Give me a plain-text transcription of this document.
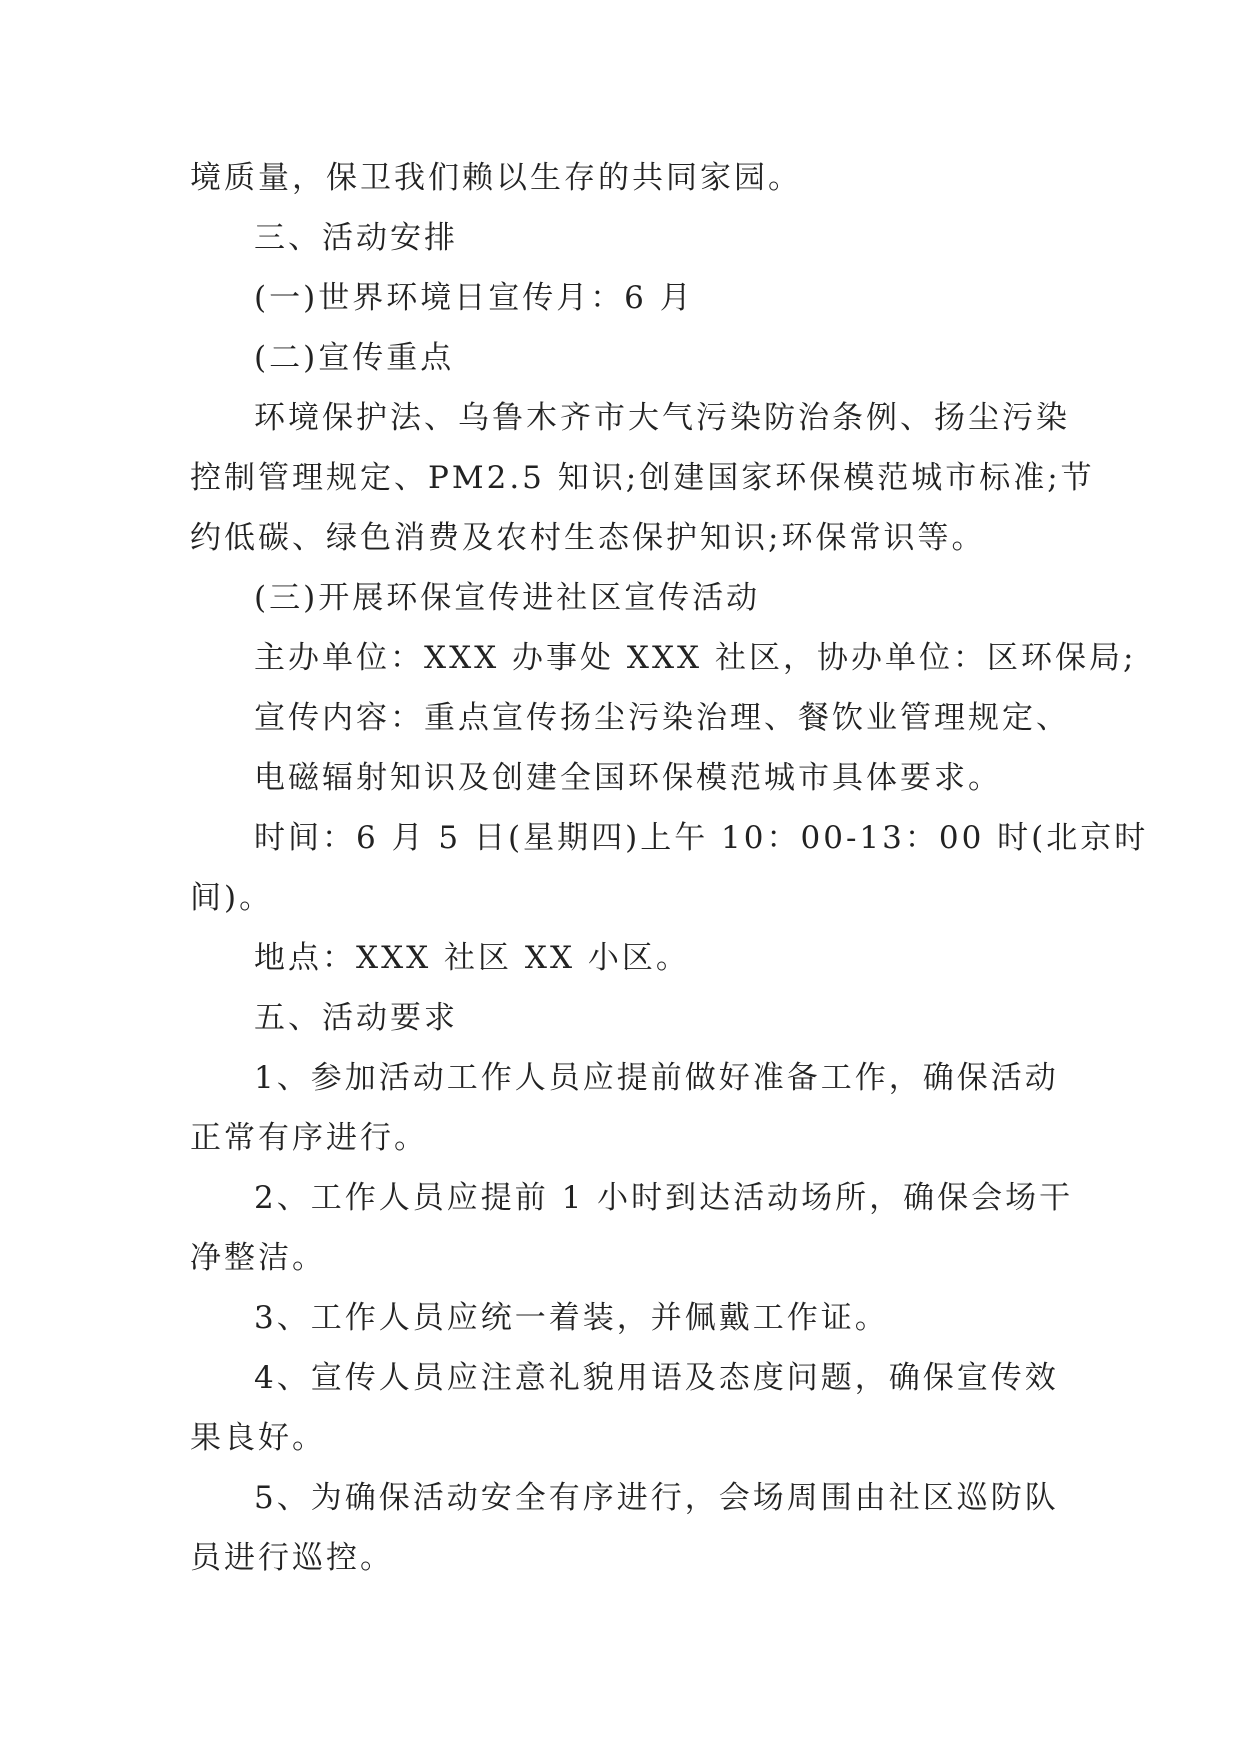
境质量，保卫我们赖以生存的共同家园。
三、活动安排
(一)世界环境日宣传月：6 月
(二)宣传重点
环境保护法、乌鲁木齐市大气污染防治条例、扬尘污染
控制管理规定、PM2.5 知识;创建国家环保模范城市标准;节
约低碳、绿色消费及农村生态保护知识;环保常识等。
(三)开展环保宣传进社区宣传活动
主办单位：XXX 办事处 XXX 社区，协办单位：区环保局;
宣传内容：重点宣传扬尘污染治理、餐饮业管理规定、
电磁辐射知识及创建全国环保模范城市具体要求。
时间：6 月 5 日(星期四)上午 10：00-13：00 时(北京时
间)。
地点：XXX 社区 XX 小区。
五、活动要求
1、参加活动工作人员应提前做好准备工作，确保活动
正常有序进行。
2、工作人员应提前 1 小时到达活动场所，确保会场干
净整洁。
3、工作人员应统一着装，并佩戴工作证。
4、宣传人员应注意礼貌用语及态度问题，确保宣传效
果良好。
5、为确保活动安全有序进行，会场周围由社区巡防队
员进行巡控。
